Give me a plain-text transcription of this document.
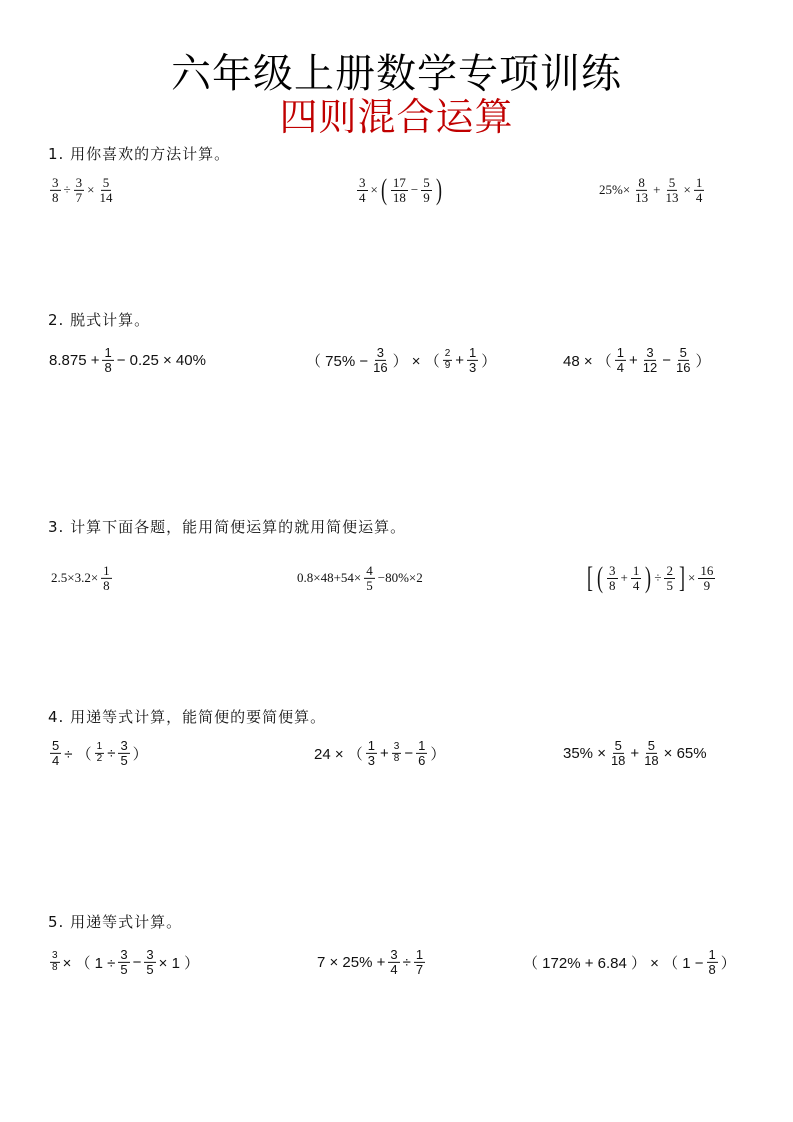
六年级上册数学专项训练
四则混合运算
1. 用你喜欢的方法计算。
$\frac{3}{8} \div \frac{3}{7} \times \frac{5}{14}$	$\frac{3}{4}$ × ( $\frac{17}{18} - \frac{5}{9}$ )	$25\%\times \frac{8}{13} + \frac{5}{13} \times \frac{1}{4}$
2. 脱式计算。
$8.875 + \frac{1}{8} - 0.25 \times 40\%$	（ $75\% - \frac{3}{16}$ ） × （ $\frac{2}{9} + \frac{1}{3}$ ）	48 × （ $\frac{1}{4} + \frac{3}{12} - \frac{5}{16}$ ）
3. 计算下面各题，能用简便运算的就用简便运算。
$2.5\times 3.2\times \frac{1}{8}$	$0.8\times 48+54\times \frac{4}{5} -80\%\times 2$	[ ( $\frac{3}{8} + \frac{1}{4}$ ) ÷ $\frac{2}{5}$ ] × $\frac{16}{9}$
4. 用递等式计算，能简便的要简便算。
$\frac{5}{4}$ ÷ （ $\frac{1}{2} \div \frac{3}{5}$ ）	24 × （ $\frac{1}{3} + \frac{3}{8} - \frac{1}{6}$ ）	$35\% \times \frac{5}{18} + \frac{5}{18} \times 65\%$
5. 用递等式计算。
$\frac{3}{8}$ × （ $1 \div \frac{3}{5} - \frac{3}{5} \times 1$ ）	$7 \times 25\% + \frac{3}{4} \div \frac{1}{7}$	（ 172% + 6.84 ） × （ $1 - \frac{1}{8}$ ）
